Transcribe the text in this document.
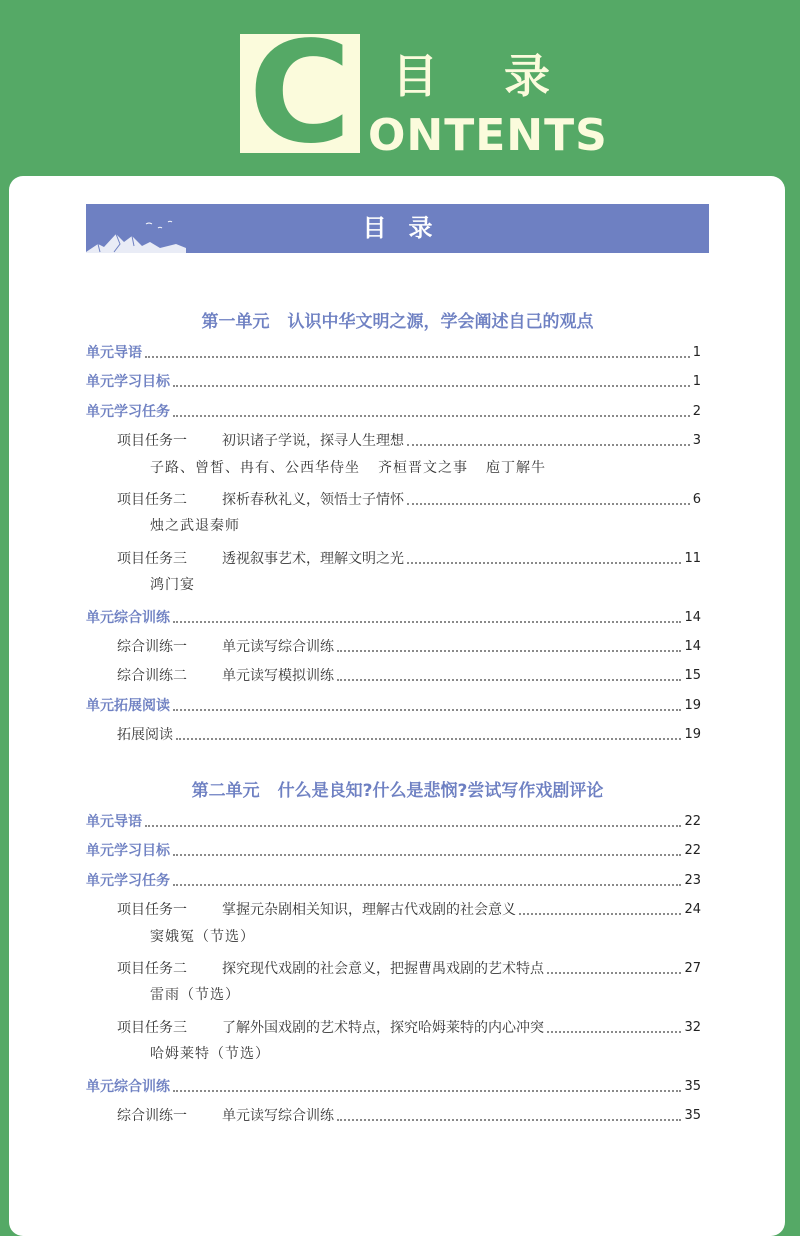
C 目录
ONTENTS
目录
第一单元 认识中华文明之源，学会阐述自己的观点
单元导语	1
单元学习目标	1
单元学习任务	2
项目任务一	初识诸子学说，探寻人生理想	3
子路、曾皙、冉有、公西华侍坐 齐桓晋文之事 庖丁解牛
项目任务二	探析春秋礼义，领悟士子情怀	6
烛之武退秦师
项目任务三	透视叙事艺术，理解文明之光	11
鸿门宴
单元综合训练	14
综合训练一	单元读写综合训练	14
综合训练二	单元读写模拟训练	15
单元拓展阅读	19
拓展阅读	19
第二单元 什么是良知?什么是悲悯?尝试写作戏剧评论
单元导语	22
单元学习目标	22
单元学习任务	23
项目任务一	掌握元杂剧相关知识，理解古代戏剧的社会意义	24
窦娥冤（节选）
项目任务二	探究现代戏剧的社会意义，把握曹禺戏剧的艺术特点	27
雷雨（节选）
项目任务三	了解外国戏剧的艺术特点，探究哈姆莱特的内心冲突	32
哈姆莱特（节选）
单元综合训练	35
综合训练一	单元读写综合训练	35
